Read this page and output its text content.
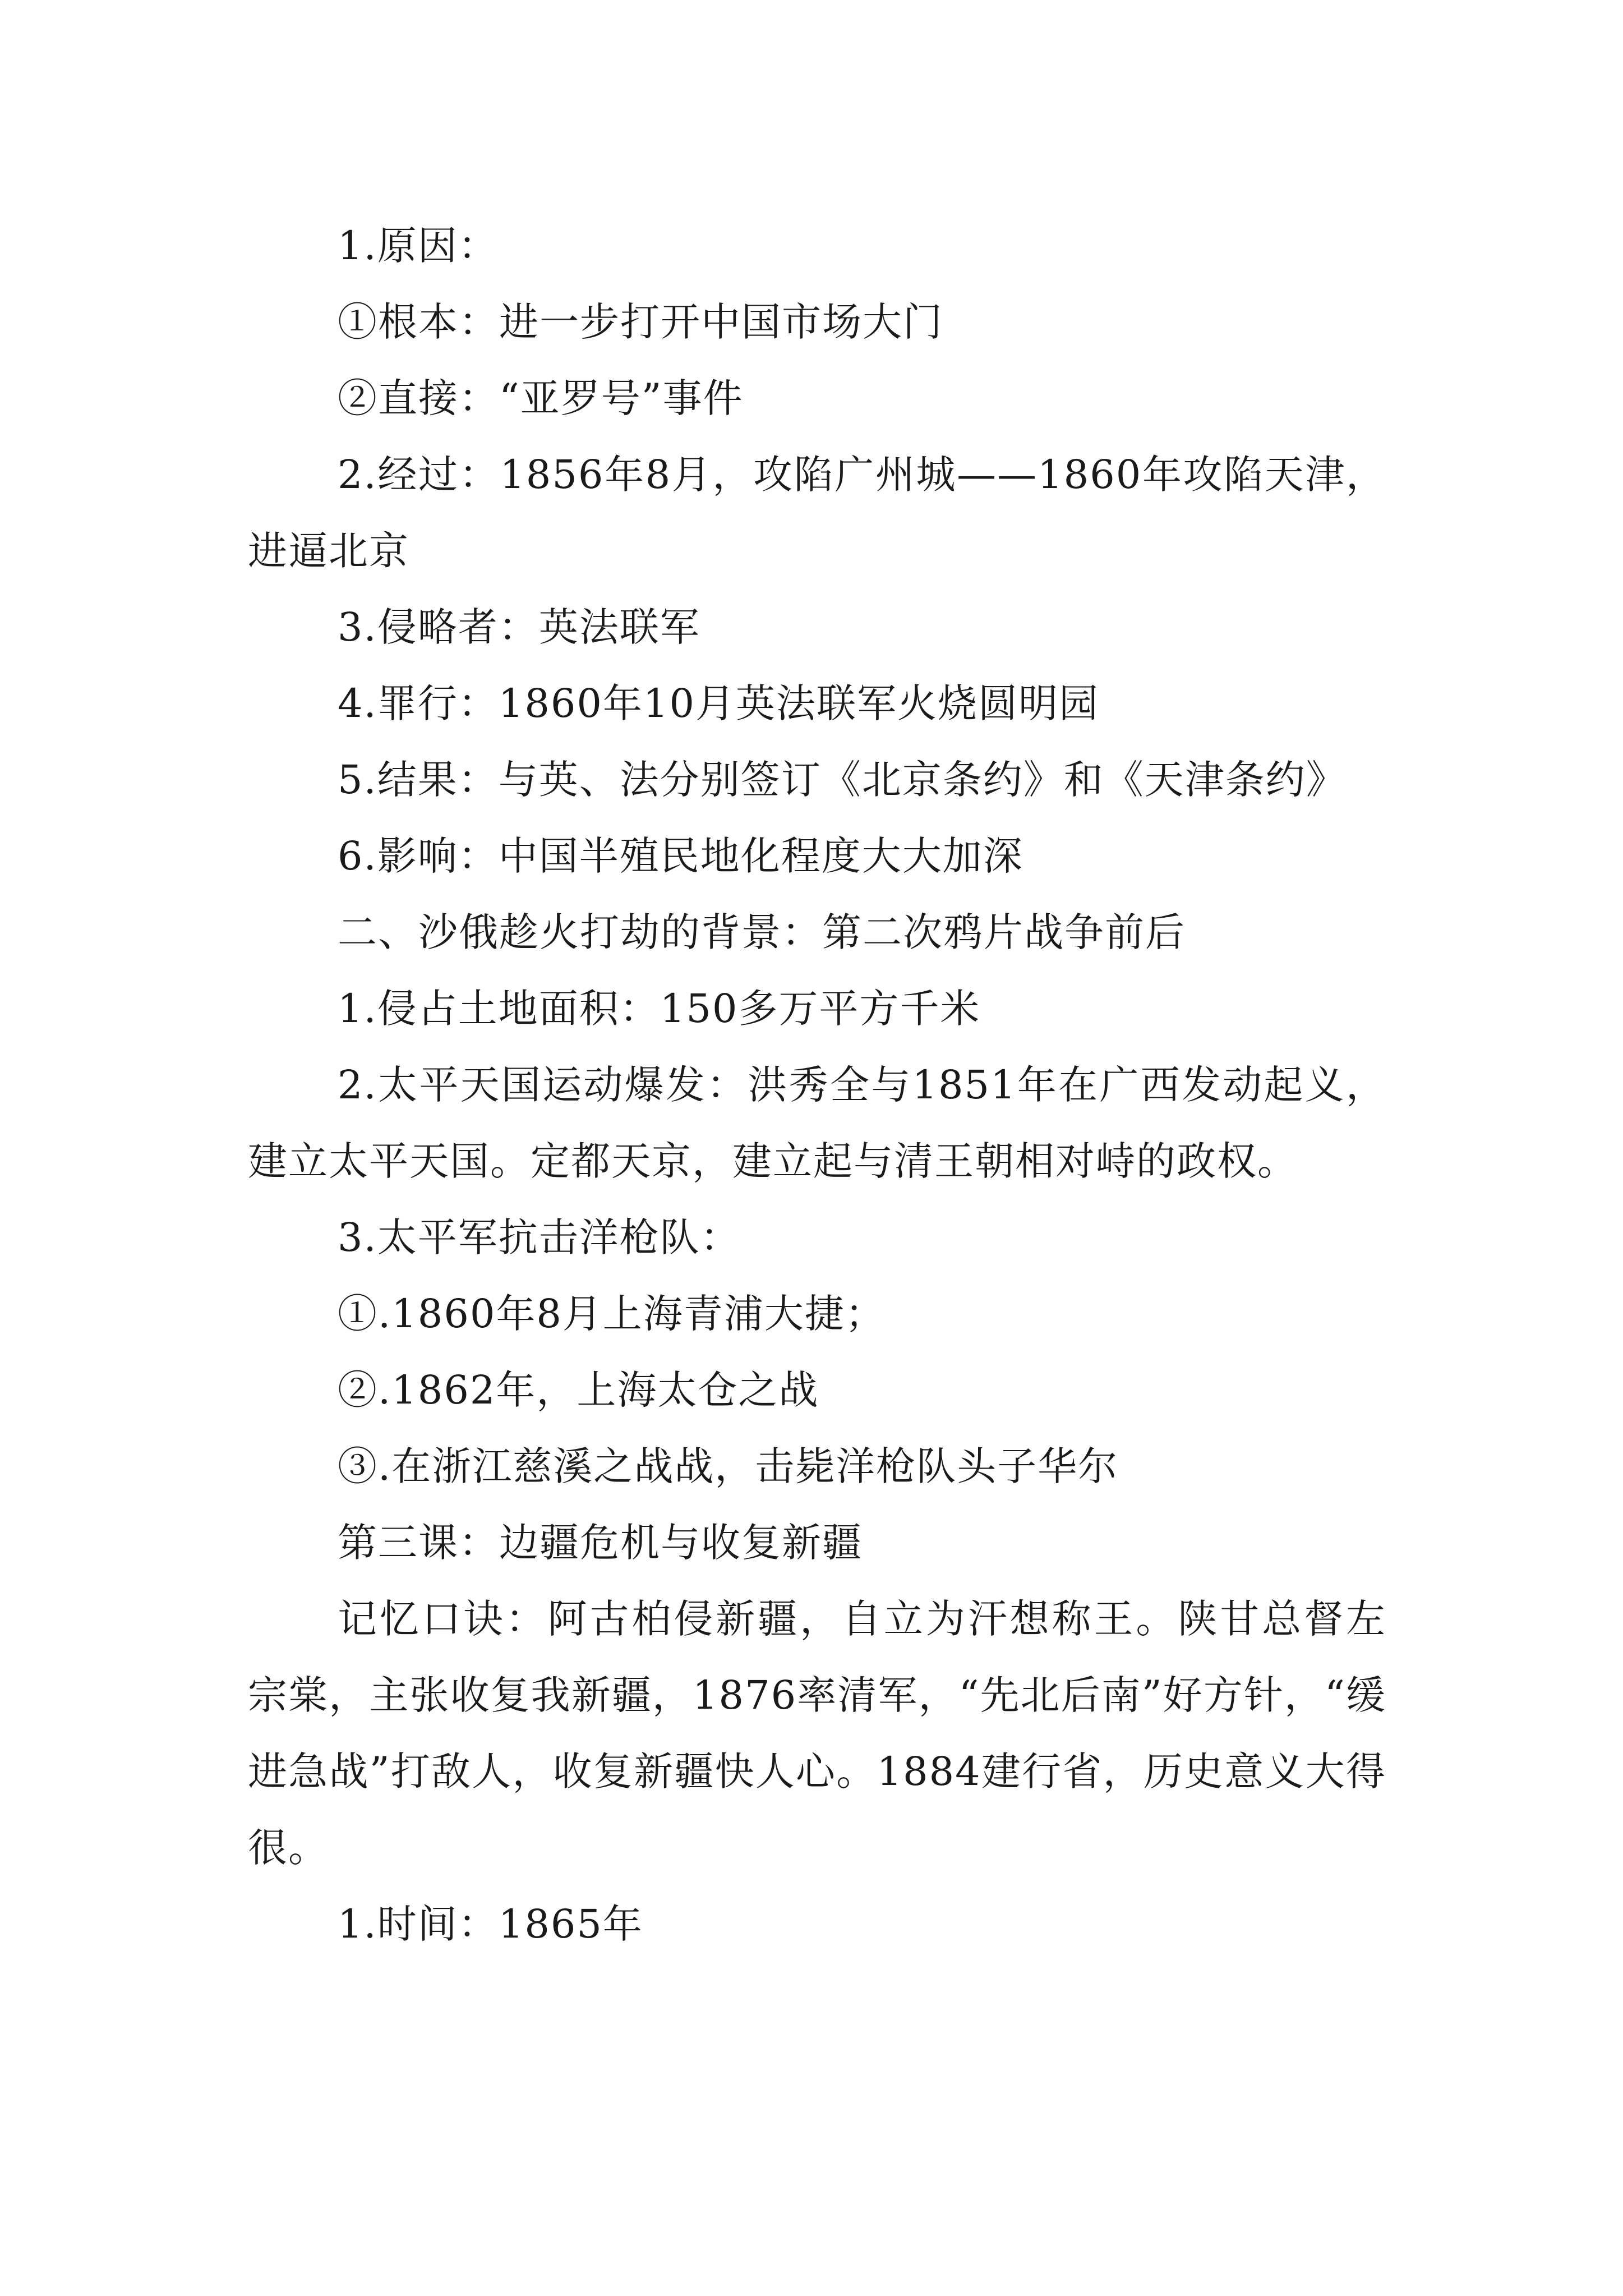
1.原因：

①根本：进一步打开中国市场大门

②直接：“亚罗号”事件

2.经过：1856年8月，攻陷广州城——1860年攻陷天津，进逼北京

3.侵略者：英法联军

4.罪行：1860年10月英法联军火烧圆明园

5.结果：与英、法分别签订《北京条约》和《天津条约》

6.影响：中国半殖民地化程度大大加深

二、沙俄趁火打劫的背景：第二次鸦片战争前后

1.侵占土地面积：150多万平方千米

2.太平天国运动爆发：洪秀全与1851年在广西发动起义，建立太平天国。定都天京，建立起与清王朝相对峙的政权。

3.太平军抗击洋枪队：

①.1860年8月上海青浦大捷；

②.1862年，上海太仓之战

③.在浙江慈溪之战战，击毙洋枪队头子华尔

第三课：边疆危机与收复新疆

记忆口诀：阿古柏侵新疆，自立为汗想称王。陕甘总督左宗棠，主张收复我新疆，1876率清军，“先北后南”好方针，“缓进急战”打敌人，收复新疆快人心。1884建行省，历史意义大得很。

1.时间：1865年
